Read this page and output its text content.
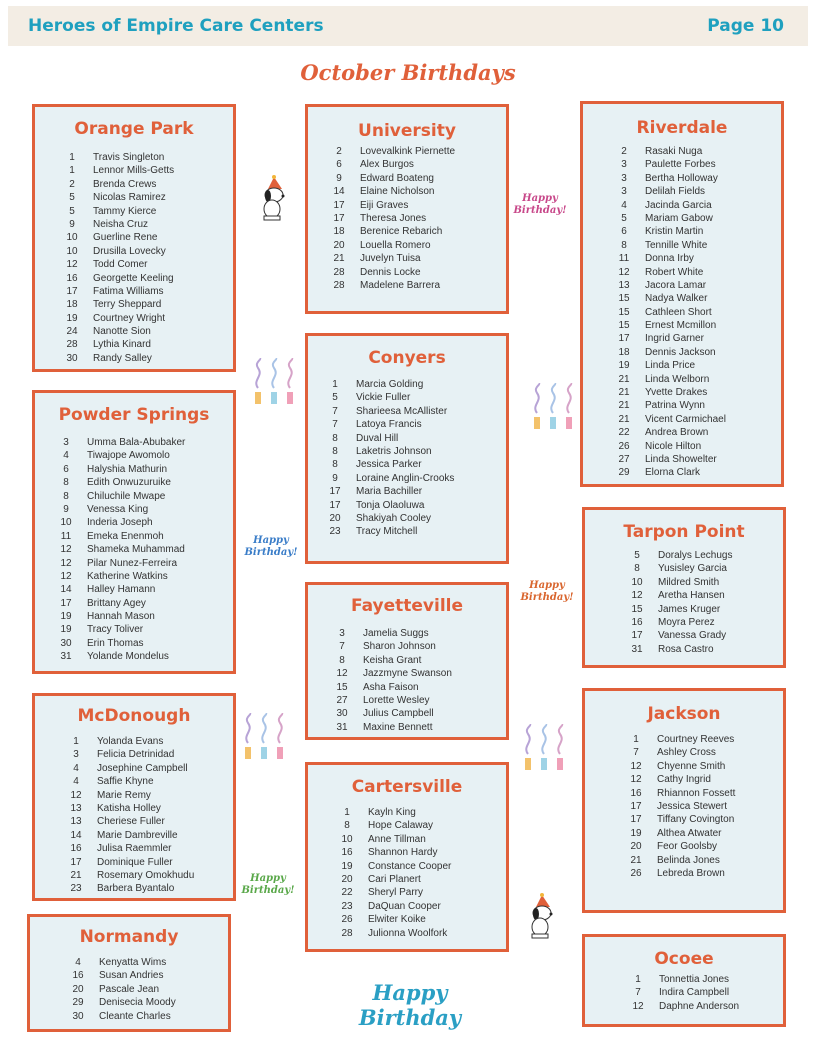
Heroes of Empire Care Centers	Page 10
October Birthdays
Orange Park
1 Travis Singleton
1 Lennor Mills-Getts
2 Brenda Crews
5 Nicolas Ramirez
5 Tammy Kierce
9 Neisha Cruz
10 Guerline Rene
10 Drusilla Lovecky
12 Todd Comer
16 Georgette Keeling
17 Fatima Williams
18 Terry Sheppard
19 Courtney Wright
24 Nanotte Sion
28 Lythia Kinard
30 Randy Salley
Powder Springs
3 Umma Bala-Abubaker
4 Tiwajope Awomolo
6 Halyshia Mathurin
8 Edith Onwuzuruike
8 Chiluchile Mwape
9 Venessa King
10 Inderia Joseph
11 Emeka Enenmoh
12 Shameka Muhammad
12 Pilar Nunez-Ferreira
12 Katherine Watkins
14 Halley Hamann
17 Brittany Agey
19 Hannah Mason
19 Tracy Toliver
30 Erin Thomas
31 Yolande Mondelus
McDonough
1 Yolanda Evans
3 Felicia Detrinidad
4 Josephine Campbell
4 Saffie Khyne
12 Marie Remy
13 Katisha Holley
13 Cheriese Fuller
14 Marie Dambreville
16 Julisa Raemmler
17 Dominique Fuller
21 Rosemary Omokhudu
23 Barbera Byantalo
Normandy
4 Kenyatta Wims
16 Susan Andries
20 Pascale Jean
29 Denisecia Moody
30 Cleante Charles
University
2 Lovevalkink Piernette
6 Alex Burgos
9 Edward Boateng
14 Elaine Nicholson
17 Eiji Graves
17 Theresa Jones
18 Berenice Rebarich
20 Louella Romero
21 Juvelyn Tuisa
28 Dennis Locke
28 Madelene Barrera
Conyers
1 Marcia Golding
5 Vickie Fuller
7 Sharieesa McAllister
7 Latoya Francis
8 Duval Hill
8 Laketris Johnson
8 Jessica Parker
9 Loraine Anglin-Crooks
17 Maria Bachiller
17 Tonja Olaoluwa
20 Shakiyah Cooley
23 Tracy Mitchell
Fayetteville
3 Jamelia Suggs
7 Sharon Johnson
8 Keisha Grant
12 Jazzmyne Swanson
15 Asha Faison
27 Lorette Wesley
30 Julius Campbell
31 Maxine Bennett
Cartersville
1 Kayln King
8 Hope Calaway
10 Anne Tillman
16 Shannon Hardy
19 Constance Cooper
20 Cari Planert
22 Sheryl Parry
23 DaQuan Cooper
26 Elwiter Koike
28 Julionna Woolfork
Riverdale
2 Rasaki Nuga
3 Paulette Forbes
3 Bertha Holloway
3 Delilah Fields
4 Jacinda Garcia
5 Mariam Gabow
6 Kristin Martin
8 Tennille White
11 Donna Irby
12 Robert White
13 Jacora Lamar
15 Nadya Walker
15 Cathleen Short
15 Ernest Mcmillon
17 Ingrid Garner
18 Dennis Jackson
19 Linda Price
21 Linda Welborn
21 Yvette Drakes
21 Patrina Wynn
21 Vicent Carmichael
22 Andrea Brown
26 Nicole Hilton
27 Linda Showelter
29 Elorna Clark
Tarpon Point
5 Doralys Lechugs
8 Yusisley Garcia
10 Mildred Smith
12 Aretha Hansen
15 James Kruger
16 Moyra Perez
17 Vanessa Grady
31 Rosa Castro
Jackson
1 Courtney Reeves
7 Ashley Cross
12 Chyenne Smith
12 Cathy Ingrid
16 Rhiannon Fossett
17 Jessica Stewert
17 Tiffany Covington
19 Althea Atwater
20 Feor Goolsby
21 Belinda Jones
26 Lebreda Brown
Ocoee
1 Tonnettia Jones
7 Indira Campbell
12 Daphne Anderson
Happy Birthday
Happy Birthday!
Happy Birthday!
Happy Birthday!
Happy Birthday!
